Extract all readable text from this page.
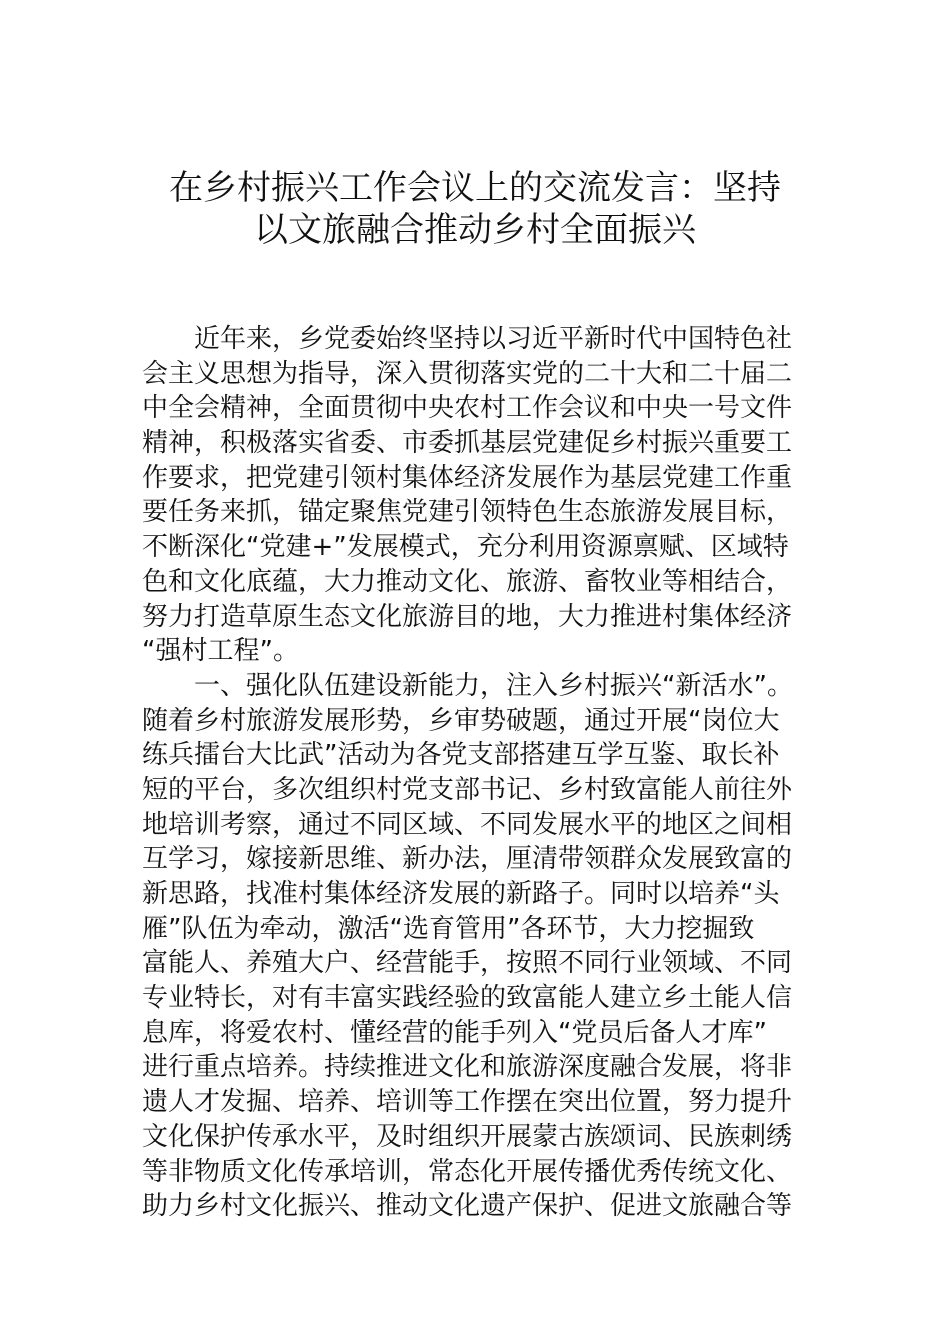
在乡村振兴工作会议上的交流发言：坚持
以文旅融合推动乡村全面振兴
近年来，乡党委始终坚持以习近平新时代中国特色社
会主义思想为指导，深入贯彻落实党的二十大和二十届二
中全会精神，全面贯彻中央农村工作会议和中央一号文件
精神，积极落实省委、市委抓基层党建促乡村振兴重要工
作要求，把党建引领村集体经济发展作为基层党建工作重
要任务来抓，锚定聚焦党建引领特色生态旅游发展目标，
不断深化“党建+”发展模式，充分利用资源禀赋、区域特
色和文化底蕴，大力推动文化、旅游、畜牧业等相结合，
努力打造草原生态文化旅游目的地，大力推进村集体经济
“强村工程”。
一、强化队伍建设新能力，注入乡村振兴“新活水”。
随着乡村旅游发展形势，乡审势破题，通过开展“岗位大
练兵擂台大比武”活动为各党支部搭建互学互鉴、取长补
短的平台，多次组织村党支部书记、乡村致富能人前往外
地培训考察，通过不同区域、不同发展水平的地区之间相
互学习，嫁接新思维、新办法，厘清带领群众发展致富的
新思路，找准村集体经济发展的新路子。同时以培养“头
雁”队伍为牵动，激活“选育管用”各环节，大力挖掘致
富能人、养殖大户、经营能手，按照不同行业领域、不同
专业特长，对有丰富实践经验的致富能人建立乡土能人信
息库，将爱农村、懂经营的能手列入“党员后备人才库”
进行重点培养。持续推进文化和旅游深度融合发展，将非
遗人才发掘、培养、培训等工作摆在突出位置，努力提升
文化保护传承水平，及时组织开展蒙古族颂词、民族刺绣
等非物质文化传承培训，常态化开展传播优秀传统文化、
助力乡村文化振兴、推动文化遗产保护、促进文旅融合等
